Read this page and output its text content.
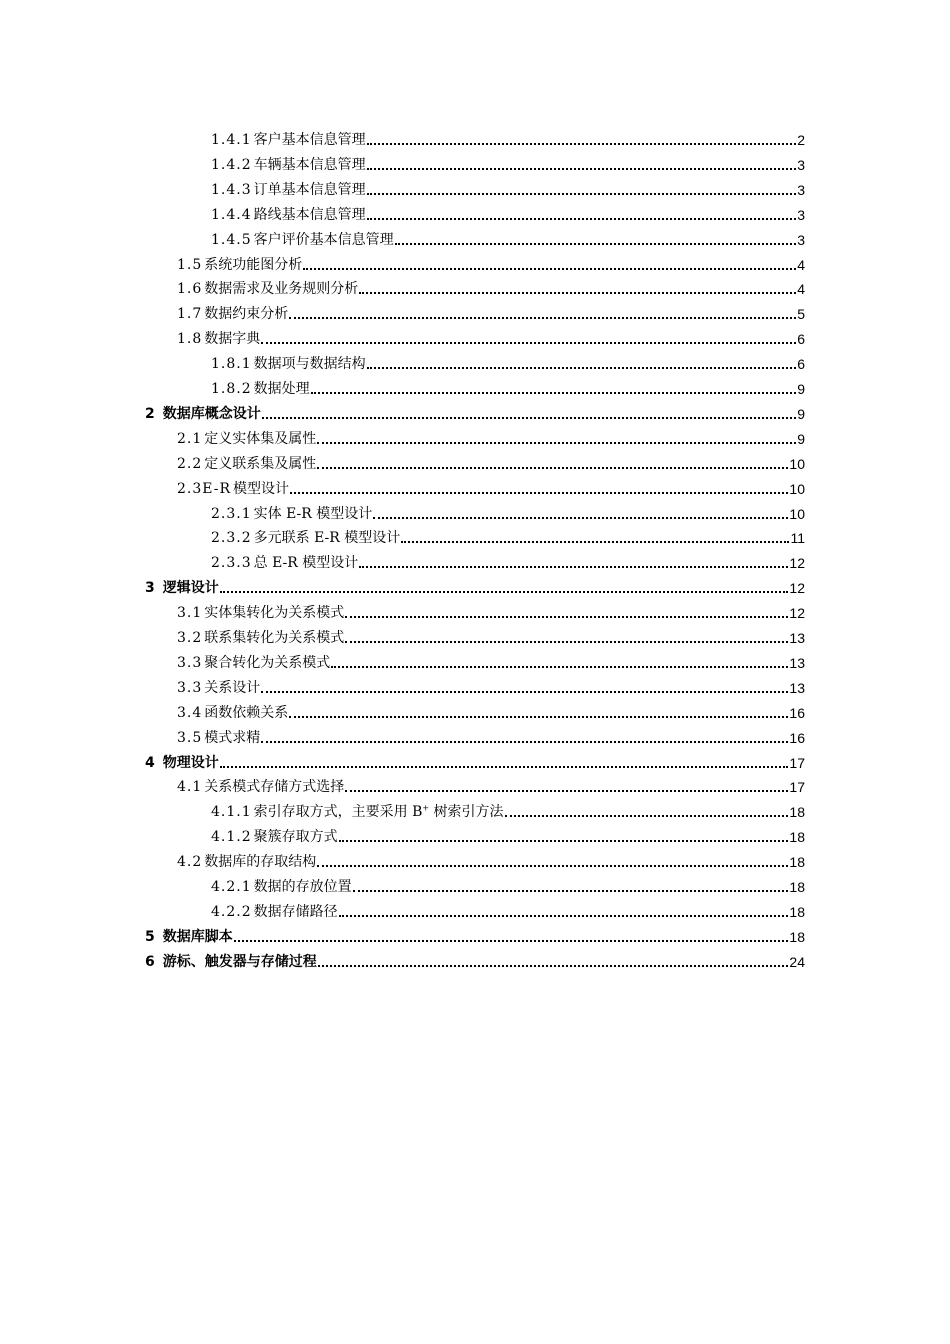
1.4.1 客户基本信息管理	2
1.4.2 车辆基本信息管理	3
1.4.3 订单基本信息管理	3
1.4.4 路线基本信息管理	3
1.4.5 客户评价基本信息管理	3
1.5 系统功能图分析	4
1.6 数据需求及业务规则分析	4
1.7 数据约束分析	5
1.8 数据字典	6
1.8.1 数据项与数据结构	6
1.8.2 数据处理	9
2 数据库概念设计	9
2.1 定义实体集及属性	9
2.2 定义联系集及属性	10
2.3E-R 模型设计	10
2.3.1 实体 E-R 模型设计	10
2.3.2 多元联系 E-R 模型设计	11
2.3.3 总 E-R 模型设计	12
3 逻辑设计	12
3.1 实体集转化为关系模式	12
3.2 联系集转化为关系模式	13
3.3 聚合转化为关系模式	13
3.3 关系设计	13
3.4 函数依赖关系	16
3.5 模式求精	16
4 物理设计	17
4.1 关系模式存储方式选择	17
4.1.1 索引存取方式，主要采用 B+ 树索引方法	18
4.1.2 聚簇存取方式	18
4.2 数据库的存取结构	18
4.2.1 数据的存放位置	18
4.2.2 数据存储路径	18
5 数据库脚本	18
6 游标、触发器与存储过程	24
